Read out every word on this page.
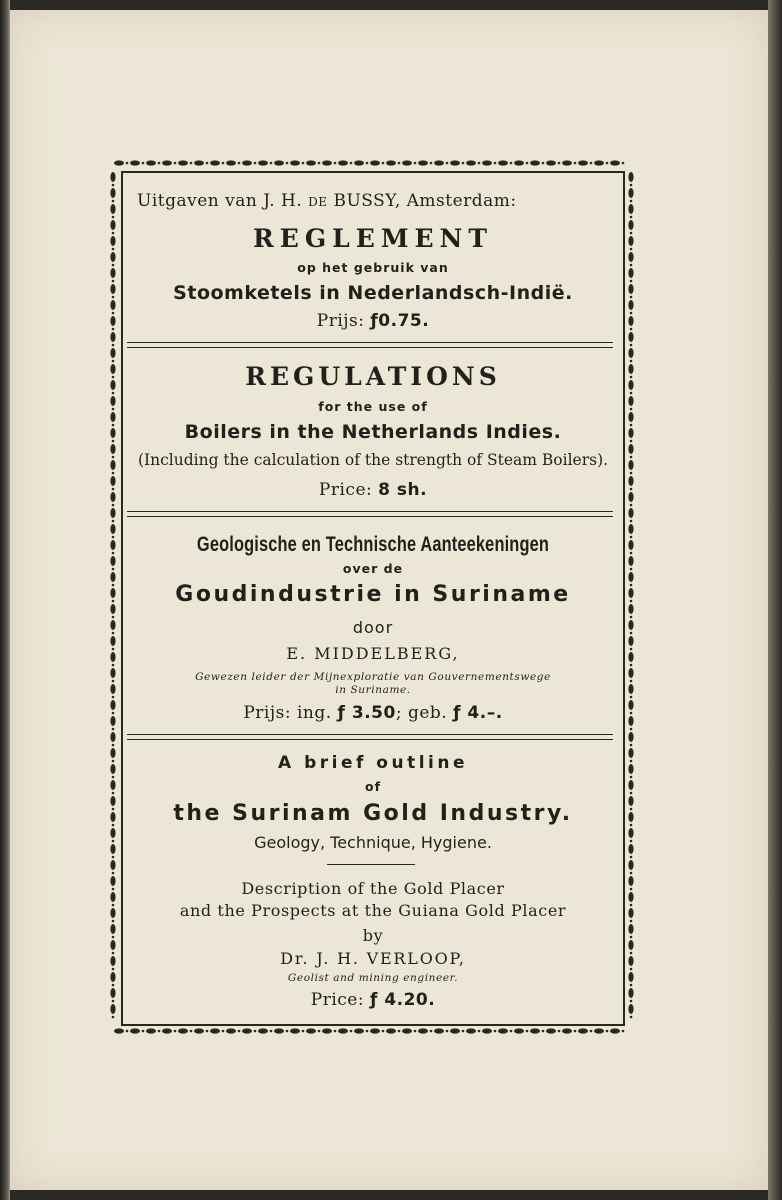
Uitgaven van J. H. DE BUSSY, Amsterdam:
REGLEMENT
op het gebruik van
Stoomketels in Nederlandsch-Indië.
Prijs: ƒ0.75.
REGULATIONS
for the use of
Boilers in the Netherlands Indies.
(Including the calculation of the strength of Steam Boilers).
Price: 8 sh.
Geologische en Technische Aanteekeningen
over de
Goudindustrie in Suriname
door
E. MIDDELBERG,
Gewezen leider der Mijnexploratie van Gouvernementswege
in Suriname.
Prijs: ing. ƒ 3.50; geb. ƒ 4.–.
A brief outline
of
the Surinam Gold Industry.
Geology, Technique, Hygiene.
Description of the Gold Placer
and the Prospects at the Guiana Gold Placer
by
Dr. J. H. VERLOOP,
Geolist and mining engineer.
Price: ƒ 4.20.
